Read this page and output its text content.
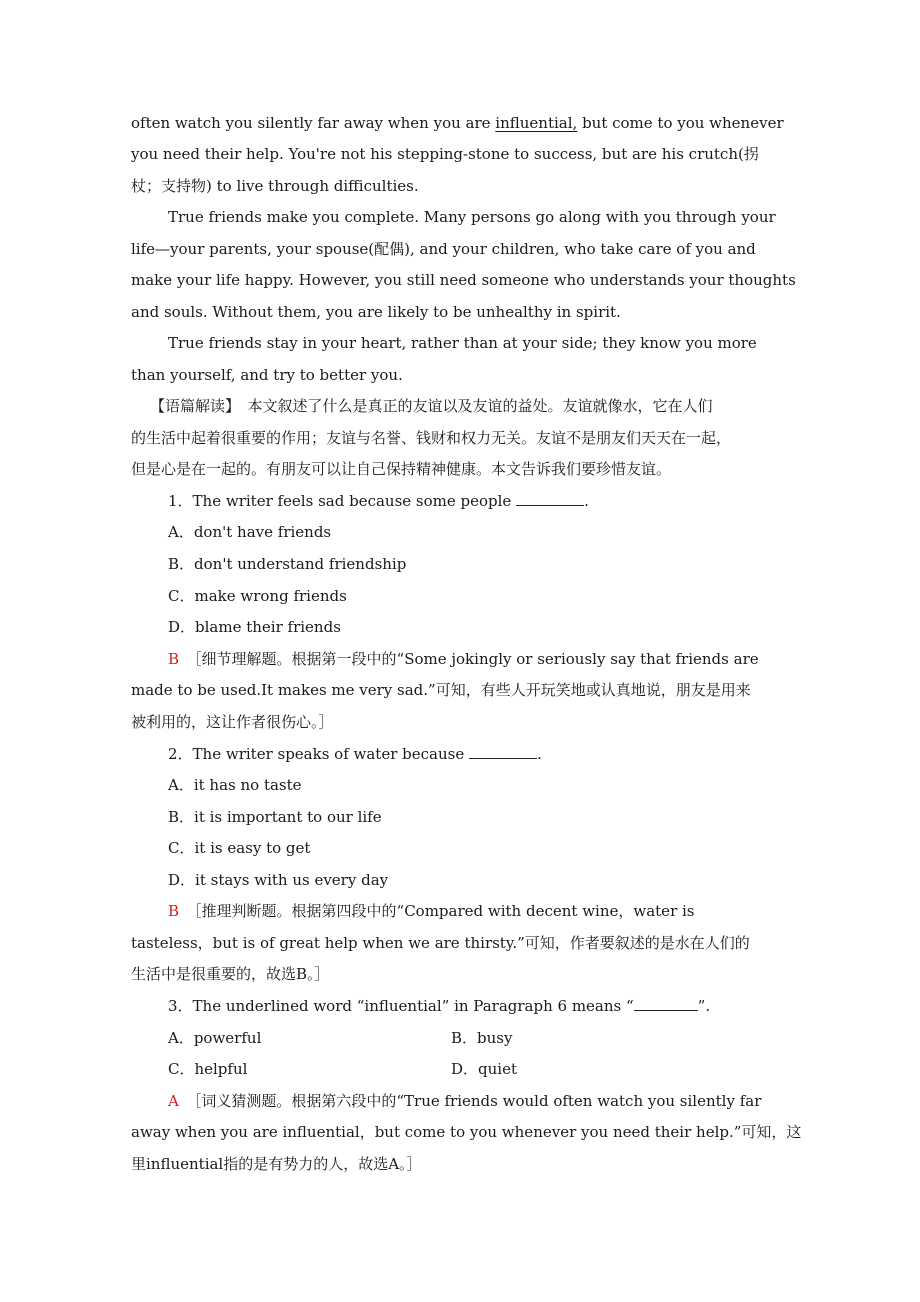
often watch you silently far away when you are influential, but come to you whenever
you need their help. You're not his stepping-stone to success, but are his crutch(拐
杖；支持物) to live through difficulties.
True friends make you complete. Many persons go along with you through your
life—your parents, your spouse(配偶), and your children, who take care of you and
make your life happy. However, you still need someone who understands your thoughts
and souls. Without them, you are likely to be unhealthy in spirit.
True friends stay in your heart, rather than at your side; they know you more
than yourself, and try to better you.
【语篇解读】　本文叙述了什么是真正的友谊以及友谊的益处。友谊就像水，它在人们
的生活中起着很重要的作用；友谊与名誉、钱财和权力无关。友谊不是朋友们天天在一起，
但是心是在一起的。有朋友可以让自己保持精神健康。本文告诉我们要珍惜友谊。
1．The writer feels sad because some people	.
A．don't have friends
B．don't understand friendship
C．make wrong friends
D．blame their friends
B  ［细节理解题。根据第一段中的“Some jokingly or seriously say that friends are
made to be used.It makes me very sad.”可知，有些人开玩笑地或认真地说，朋友是用来
被利用的，这让作者很伤心。］
2．The writer speaks of water because	.
A．it has no taste
B．it is important to our life
C．it is easy to get
D．it stays with us every day
B  ［推理判断题。根据第四段中的“Compared with decent wine，water is
tasteless，but is of great help when we are thirsty.”可知，作者要叙述的是水在人们的
生活中是很重要的，故选B。］
3．The underlined word “influential” in Paragraph 6 means “	”.
A．powerful	B．busy
C．helpful	D．quiet
A  ［词义猜测题。根据第六段中的“True friends would often watch you silently far
away when you are influential，but come to you whenever you need their help.”可知，这
里influential指的是有势力的人，故选A。］
